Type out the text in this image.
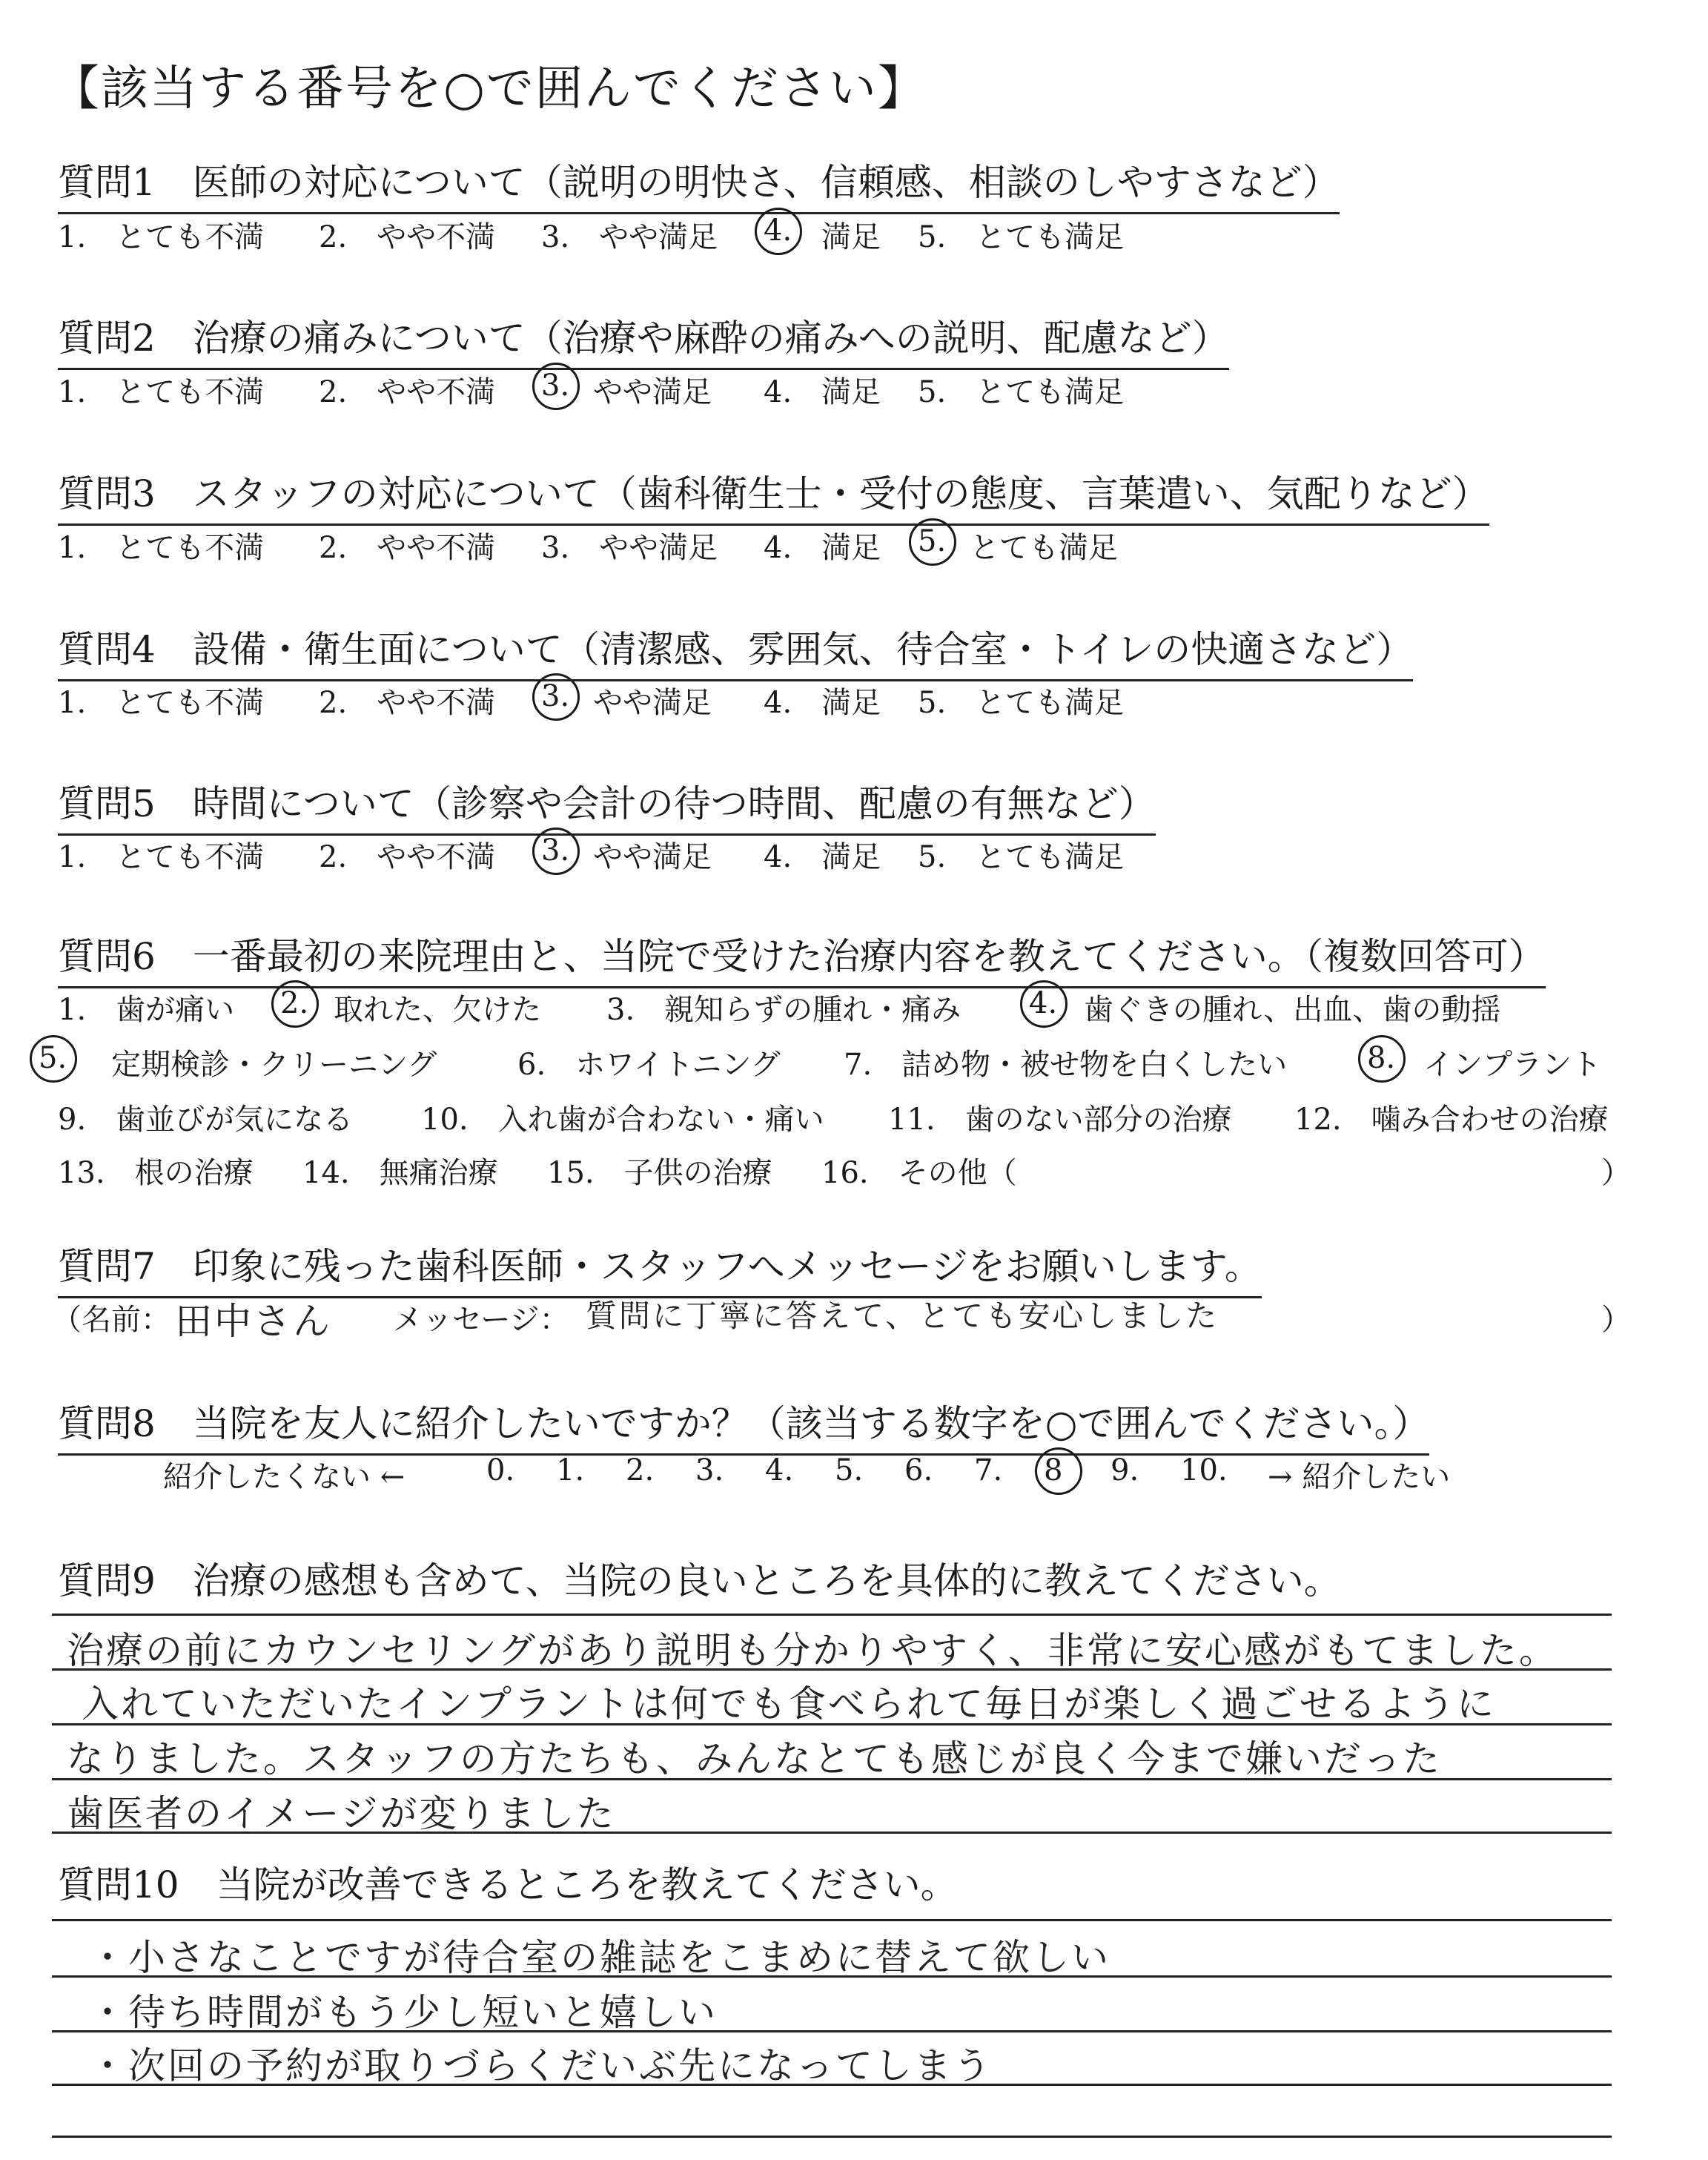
【該当する番号を○で囲んでください】
質問1　医師の対応について（説明の明快さ、信頼感、相談のしやすさなど）
1.　とても不満 2.　やや不満 3.　やや満足 4. 満足 5.　とても満足
質問2　治療の痛みについて（治療や麻酔の痛みへの説明、配慮など）
1.　とても不満 2.　やや不満 3. やや満足 4.　満足 5.　とても満足
質問3　スタッフの対応について（歯科衛生士・受付の態度、言葉遣い、気配りなど）
1.　とても不満 2.　やや不満 3.　やや満足 4.　満足 5. とても満足
質問4　設備・衛生面について（清潔感、雰囲気、待合室・トイレの快適さなど）
1.　とても不満 2.　やや不満 3. やや満足 4.　満足 5.　とても満足
質問5　時間について（診察や会計の待つ時間、配慮の有無など）
1.　とても不満 2.　やや不満 3. やや満足 4.　満足 5.　とても満足
質問6　一番最初の来院理由と、当院で受けた治療内容を教えてください。（複数回答可）
1.　歯が痛い 2. 取れた、欠けた 3.　親知らずの腫れ・痛み 4. 歯ぐきの腫れ、出血、歯の動揺
5. 定期検診・クリーニング	6.　ホワイトニング 7.　詰め物・被せ物を白くしたい	8. インプラント
9.　歯並びが気になる 10.　入れ歯が合わない・痛い 11.　歯のない部分の治療 12.　噛み合わせの治療
13.　根の治療 14.　無痛治療 15.　子供の治療 16.　その他（	）
質問7　印象に残った歯科医師・スタッフへメッセージをお願いします。
（名前： 田中さん メッセージ： 質問に丁寧に答えて、とても安心しました	）
質問8　当院を友人に紹介したいですか？（該当する数字を○で囲んでください。）
紹介したくない ←	0. 1. 2. 3. 4. 5. 6. 7. 8 9. 10. → 紹介したい
質問9　治療の感想も含めて、当院の良いところを具体的に教えてください。
治療の前にカウンセリングがあり説明も分かりやすく、非常に安心感がもてました。
入れていただいたインプラントは何でも食べられて毎日が楽しく過ごせるように
なりました。スタッフの方たちも、みんなとても感じが良く今まで嫌いだった
歯医者のイメージが変りました
質問10　当院が改善できるところを教えてください。
・小さなことですが待合室の雑誌をこまめに替えて欲しい
・待ち時間がもう少し短いと嬉しい
・次回の予約が取りづらくだいぶ先になってしまう
